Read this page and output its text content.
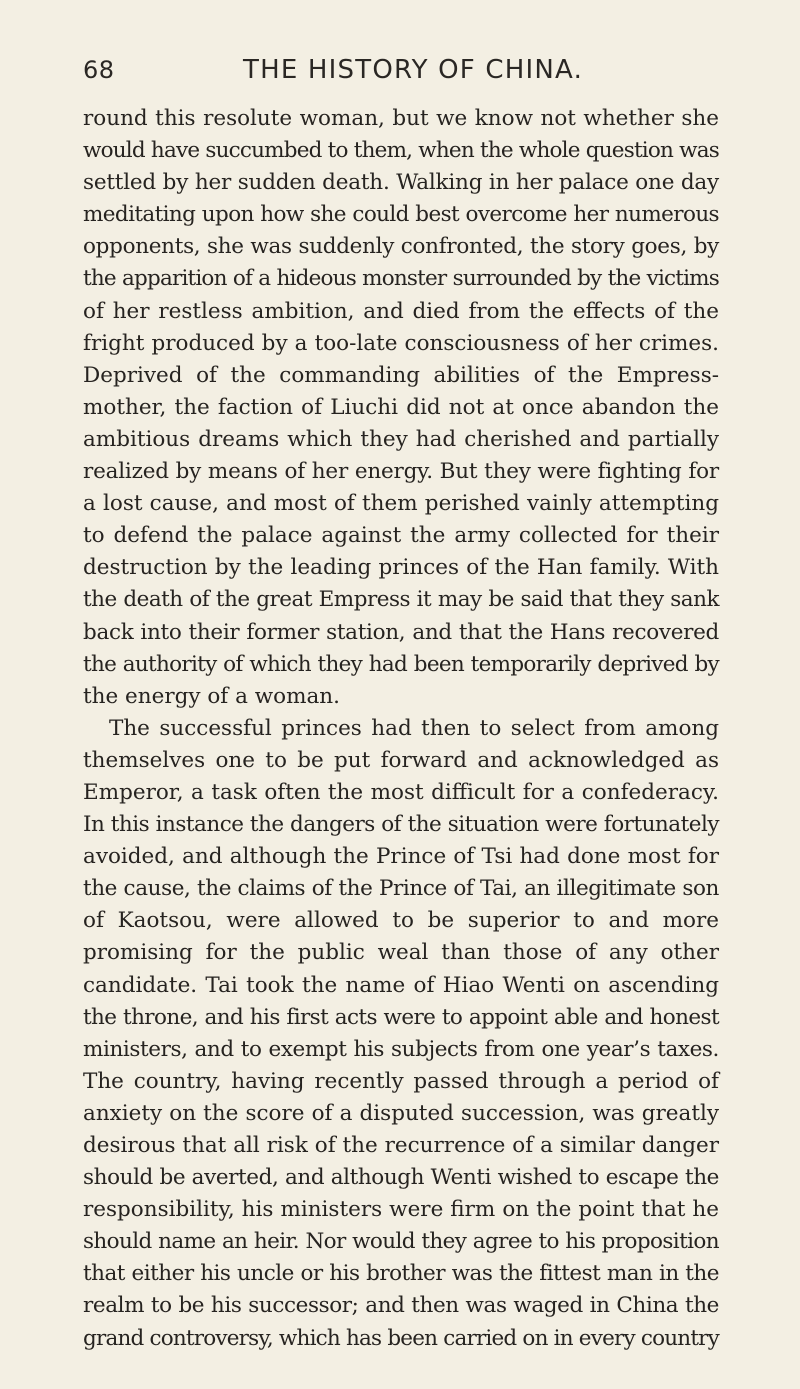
68	THE HISTORY OF CHINA.
round this resolute woman, but we know not whether she
would have succumbed to them, when the whole question was
settled by her sudden death. Walking in her palace one day
meditating upon how she could best overcome her numerous
opponents, she was suddenly confronted, the story goes, by
the apparition of a hideous monster surrounded by the victims
of her restless ambition, and died from the effects of the
fright produced by a too-late consciousness of her crimes.
Deprived of the commanding abilities of the Empress-
mother, the faction of Liuchi did not at once abandon the
ambitious dreams which they had cherished and partially
realized by means of her energy. But they were fighting for
a lost cause, and most of them perished vainly attempting
to defend the palace against the army collected for their
destruction by the leading princes of the Han family. With
the death of the great Empress it may be said that they sank
back into their former station, and that the Hans recovered
the authority of which they had been temporarily deprived by
the energy of a woman.
The successful princes had then to select from among
themselves one to be put forward and acknowledged as
Emperor, a task often the most difficult for a confederacy.
In this instance the dangers of the situation were fortunately
avoided, and although the Prince of Tsi had done most for
the cause, the claims of the Prince of Tai, an illegitimate son
of Kaotsou, were allowed to be superior to and more
promising for the public weal than those of any other
candidate. Tai took the name of Hiao Wenti on ascending
the throne, and his first acts were to appoint able and honest
ministers, and to exempt his subjects from one year’s taxes.
The country, having recently passed through a period of
anxiety on the score of a disputed succession, was greatly
desirous that all risk of the recurrence of a similar danger
should be averted, and although Wenti wished to escape the
responsibility, his ministers were firm on the point that he
should name an heir. Nor would they agree to his proposition
that either his uncle or his brother was the fittest man in the
realm to be his successor; and then was waged in China the
grand controversy, which has been carried on in every country
